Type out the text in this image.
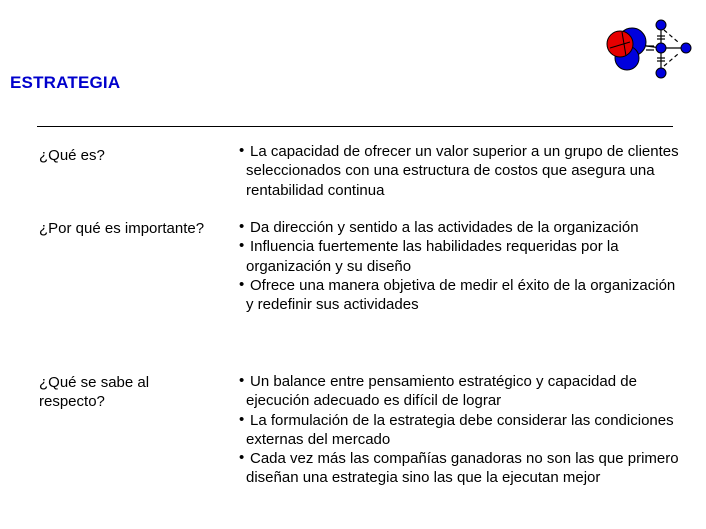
ESTRATEGIA
¿Qué es?	• La capacidad de ofrecer un valor superior a un grupo de clientes seleccionados con una estructura de costos que asegura una rentabilidad continua
¿Por qué es importante?	• Da dirección y sentido a las actividades de la organización
• Influencia fuertemente las habilidades requeridas por la organización y su diseño
• Ofrece una manera objetiva de medir el éxito de la organización y redefinir sus actividades
¿Qué se sabe al respecto?
• Un balance entre pensamiento estratégico y capacidad de ejecución adecuado es difícil de lograr
• La formulación de la estrategia debe considerar las condiciones externas del mercado
• Cada vez más las compañías ganadoras no son las que primero diseñan una estrategia sino las que la ejecutan mejor
